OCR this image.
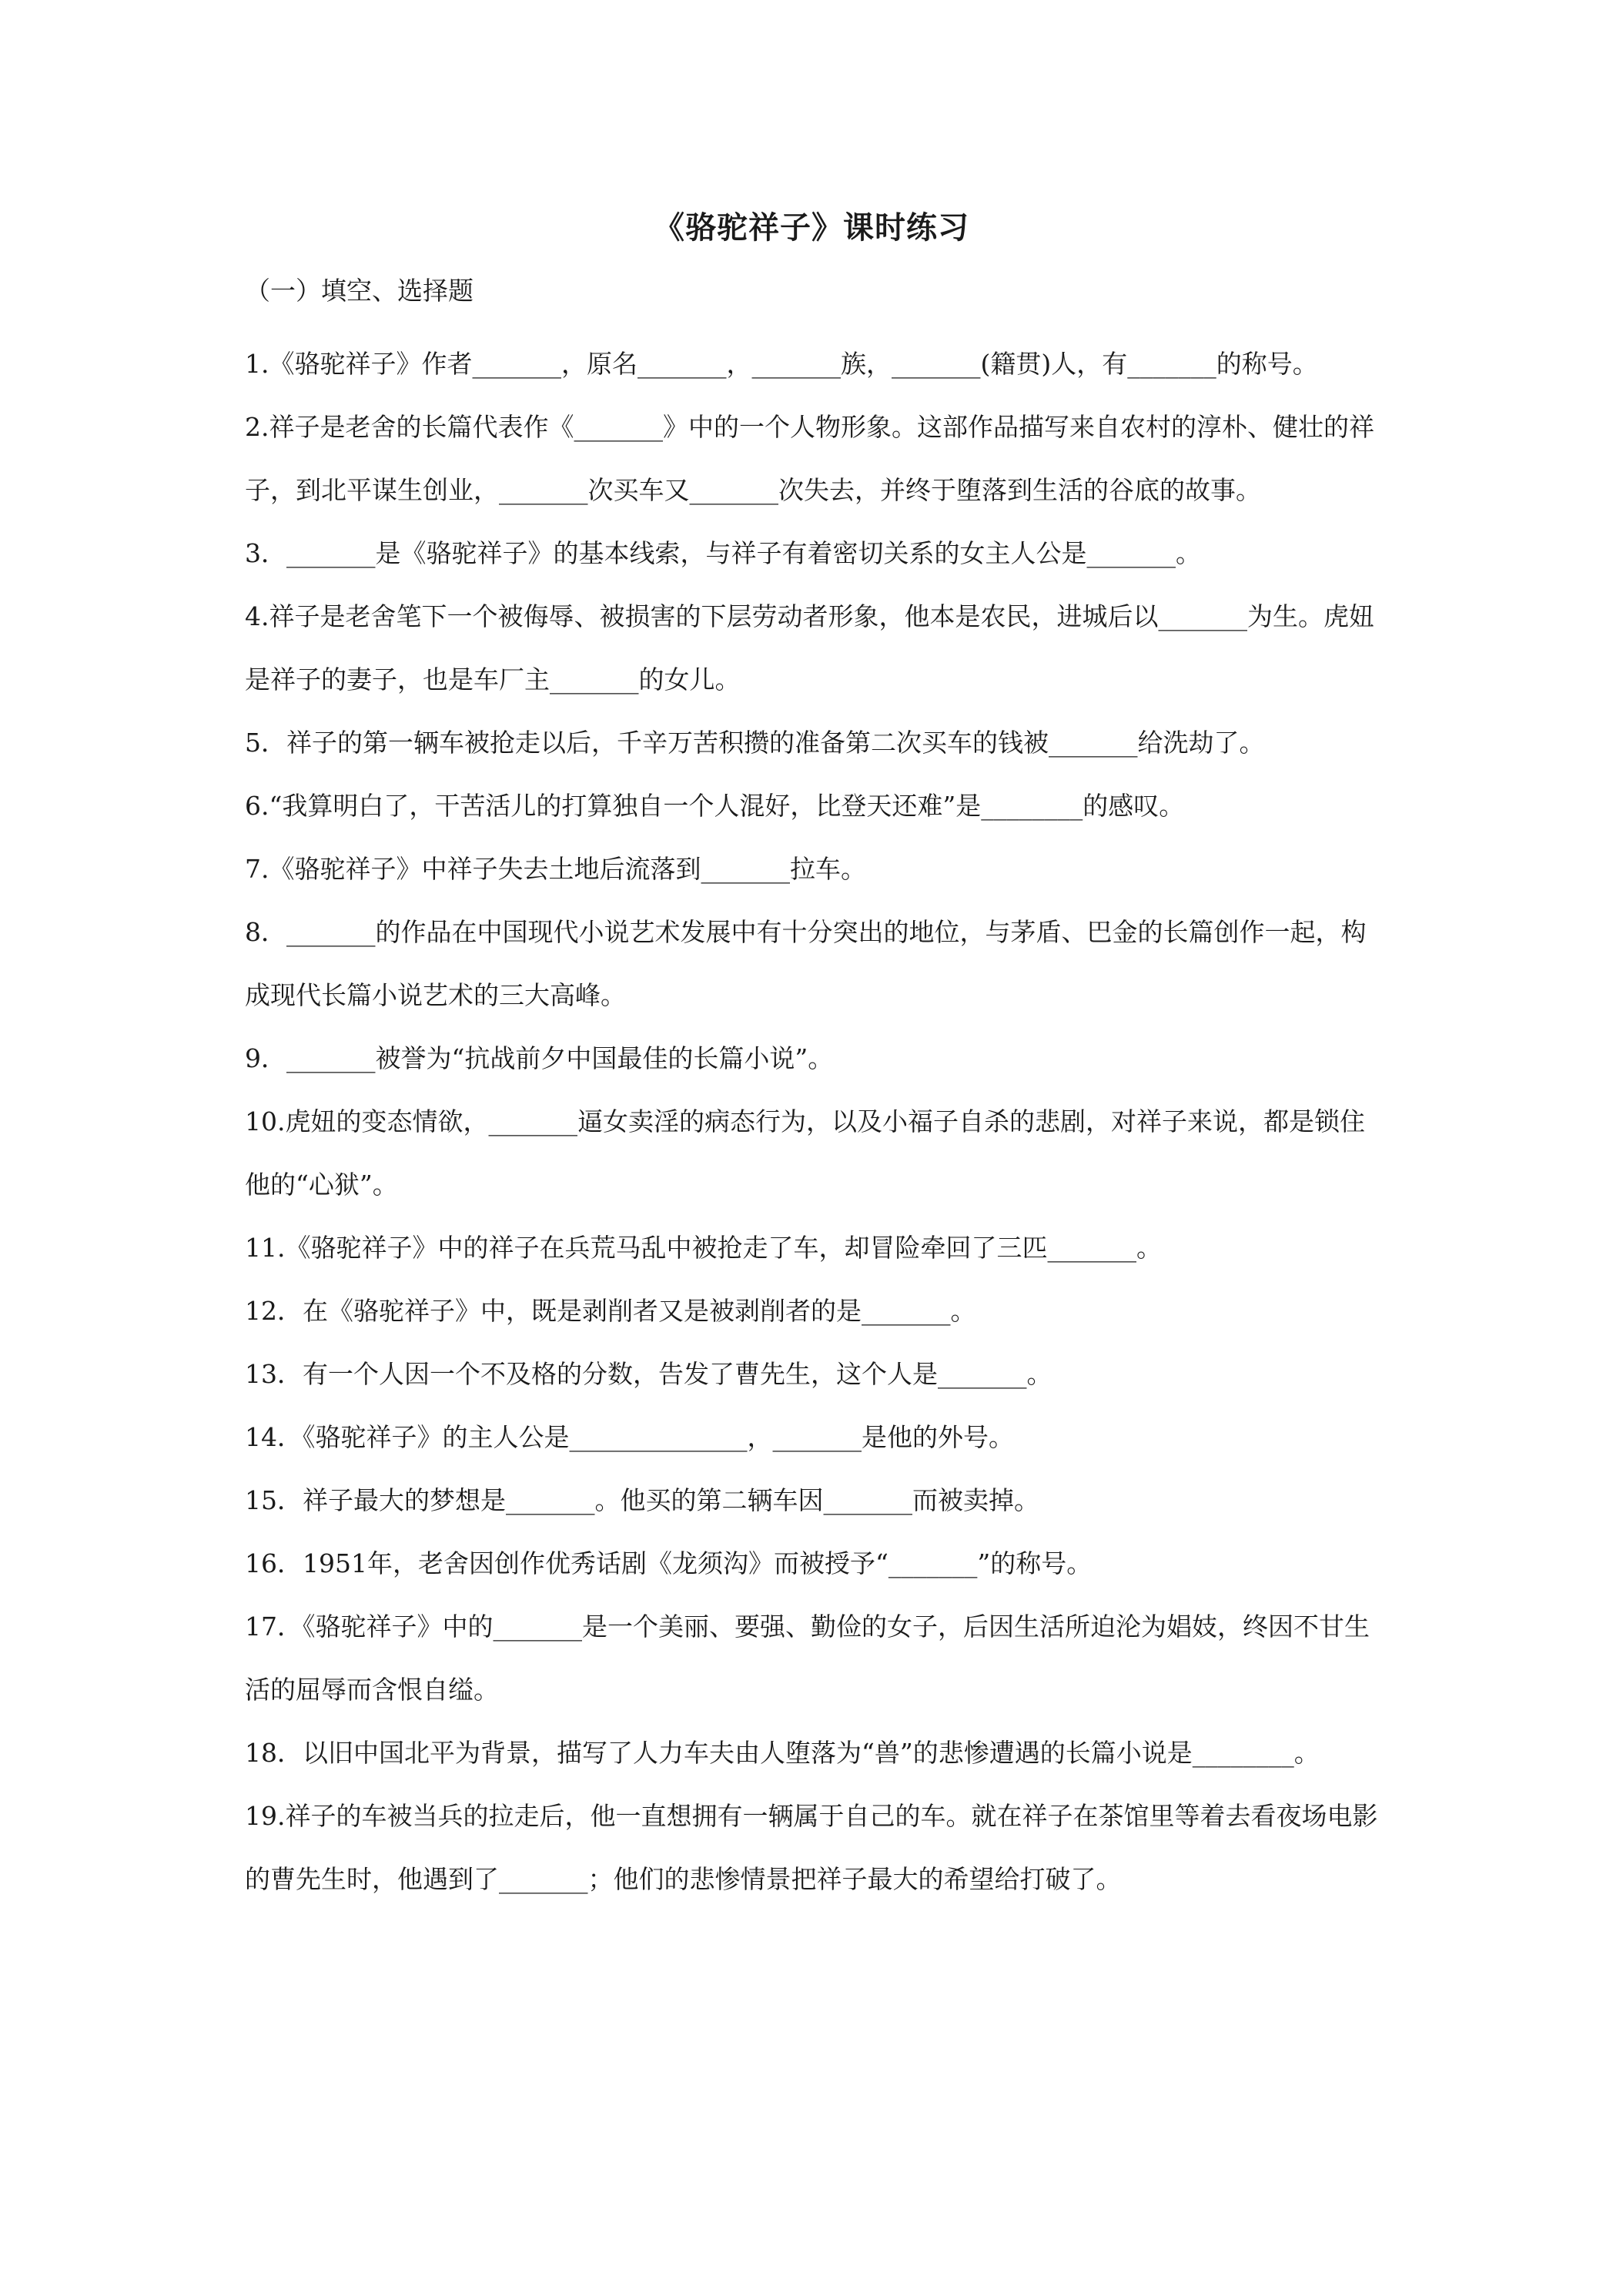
《骆驼祥子》课时练习
（一）填空、选择题
1.《骆驼祥子》作者_______，原名_______，_______族，_______(籍贯)人，有_______的称号。
2.祥子是老舍的长篇代表作《_______》中的一个人物形象。这部作品描写来自农村的淳朴、健壮的祥子，到北平谋生创业，_______次买车又_______次失去，并终于堕落到生活的谷底的故事。
3．_______是《骆驼祥子》的基本线索，与祥子有着密切关系的女主人公是_______。
4.祥子是老舍笔下一个被侮辱、被损害的下层劳动者形象，他本是农民，进城后以_______为生。虎妞是祥子的妻子，也是车厂主_______的女儿。
5．祥子的第一辆车被抢走以后，千辛万苦积攒的准备第二次买车的钱被_______给洗劫了。
6.“我算明白了，干苦活儿的打算独自一个人混好，比登天还难”是________的感叹。
7.《骆驼祥子》中祥子失去土地后流落到_______拉车。
8．_______的作品在中国现代小说艺术发展中有十分突出的地位，与茅盾、巴金的长篇创作一起，构成现代长篇小说艺术的三大高峰。
9．_______被誉为“抗战前夕中国最佳的长篇小说”。
10.虎妞的变态情欲，_______逼女卖淫的病态行为，以及小福子自杀的悲剧，对祥子来说，都是锁住他的“心狱”。
11.《骆驼祥子》中的祥子在兵荒马乱中被抢走了车，却冒险牵回了三匹_______。
12．在《骆驼祥子》中，既是剥削者又是被剥削者的是_______。
13．有一个人因一个不及格的分数，告发了曹先生，这个人是_______。
14．《骆驼祥子》的主人公是______________，_______是他的外号。
15．祥子最大的梦想是_______。他买的第二辆车因_______而被卖掉。
16．1951年，老舍因创作优秀话剧《龙须沟》而被授予“_______”的称号。
17．《骆驼祥子》中的_______是一个美丽、要强、勤俭的女子，后因生活所迫沦为娼妓，终因不甘生活的屈辱而含恨自缢。
18．以旧中国北平为背景，描写了人力车夫由人堕落为“兽”的悲惨遭遇的长篇小说是________。
19.祥子的车被当兵的拉走后，他一直想拥有一辆属于自己的车。就在祥子在茶馆里等着去看夜场电影的曹先生时，他遇到了_______；他们的悲惨情景把祥子最大的希望给打破了。
